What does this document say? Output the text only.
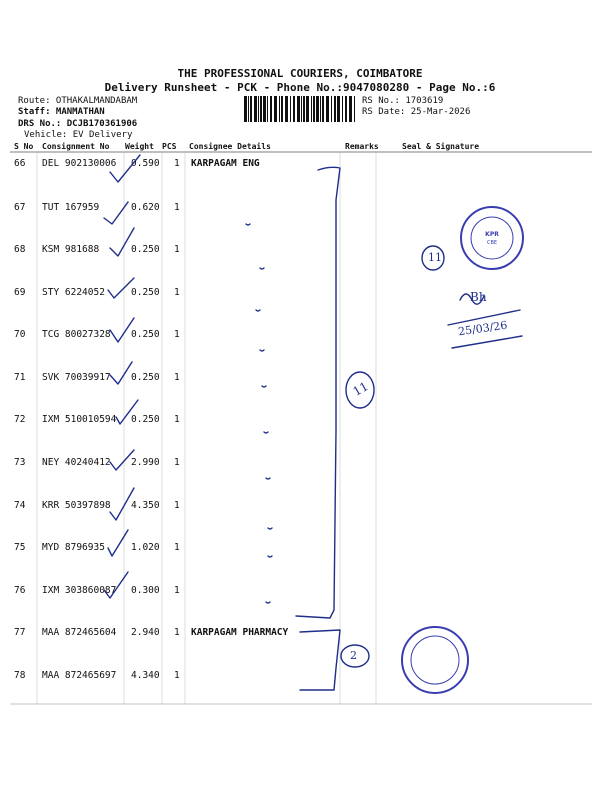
THE PROFESSIONAL COURIERS, COIMBATORE
Delivery Runsheet - PCK - Phone No.:9047080280 - Page No.:6
Route: OTHAKALMANDABAM
Staff: MANMATHAN
DRS No.: DCJB170361906
Vehicle: EV Delivery
RS No.: 1703619
RS Date: 25-Mar-2026
S No Consignment No Weight PCS Consignee Details	Remarks	Seal & Signature
66 DEL 902130006 0.590 1 KARPAGAM ENG
67 TUT 167959	0.620 1
68 KSM 981688	0.250 1
69 STY 6224052	0.250 1
70 TCG 80027328 0.250 1
71 SVK 70039917 0.250 1
72 IXM 510010594 0.250 1
73 NEY 40240412 2.990 1
74 KRR 50397898 4.350 1
75 MYD 8796935	1.020 1
76 IXM 303860087 0.300 1
77 MAA 872465604 2.940 1 KARPAGAM PHARMACY
78 MAA 872465697 4.340 1
11
11
2
Bh
25/03/26
KPR
CBE
